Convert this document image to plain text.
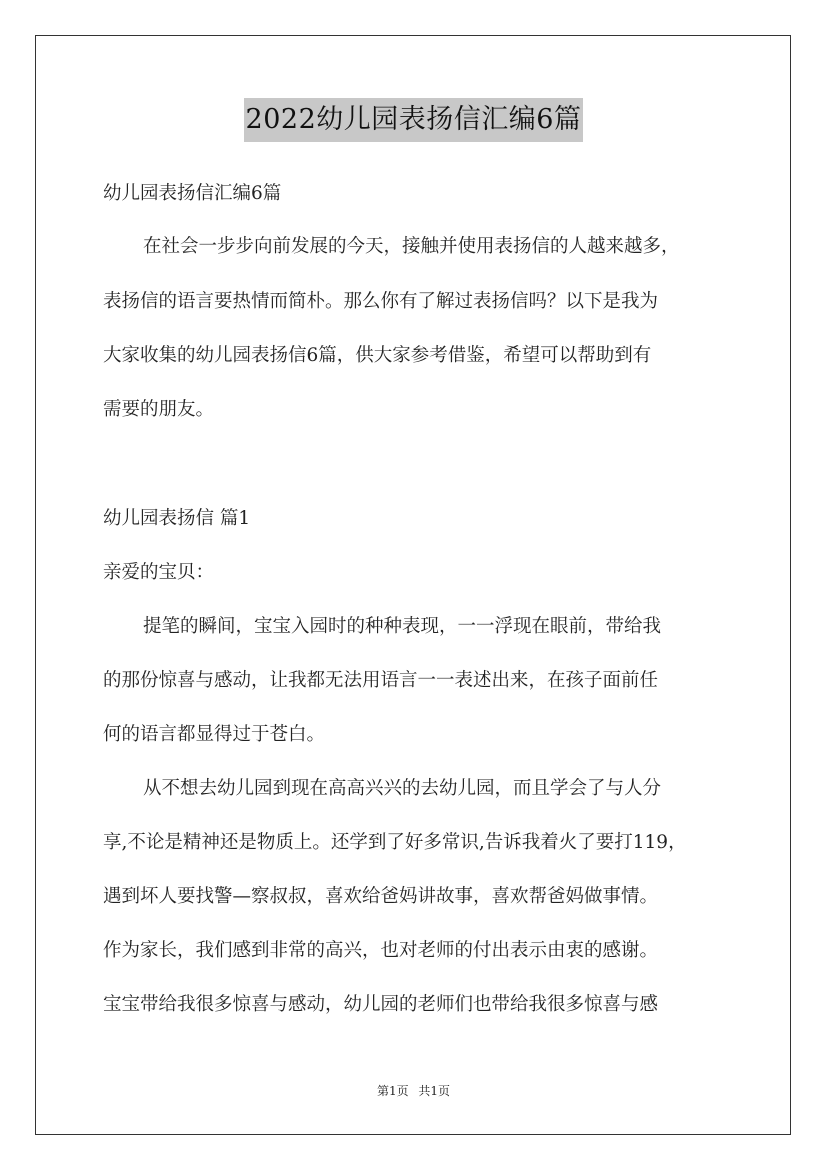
2022幼儿园表扬信汇编6篇
幼儿园表扬信汇编6篇
在社会一步步向前发展的今天，接触并使用表扬信的人越来越多，
表扬信的语言要热情而简朴。那么你有了解过表扬信吗？以下是我为
大家收集的幼儿园表扬信6篇，供大家参考借鉴，希望可以帮助到有
需要的朋友。
幼儿园表扬信 篇1
亲爱的宝贝：
提笔的瞬间，宝宝入园时的种种表现，一一浮现在眼前，带给我
的那份惊喜与感动，让我都无法用语言一一表述出来，在孩子面前任
何的语言都显得过于苍白。
从不想去幼儿园到现在高高兴兴的去幼儿园，而且学会了与人分
享,不论是精神还是物质上。还学到了好多常识,告诉我着火了要打119，
遇到坏人要找警—察叔叔，喜欢给爸妈讲故事，喜欢帮爸妈做事情。
作为家长，我们感到非常的高兴，也对老师的付出表示由衷的感谢。
宝宝带给我很多惊喜与感动，幼儿园的老师们也带给我很多惊喜与感
第1页 共1页
